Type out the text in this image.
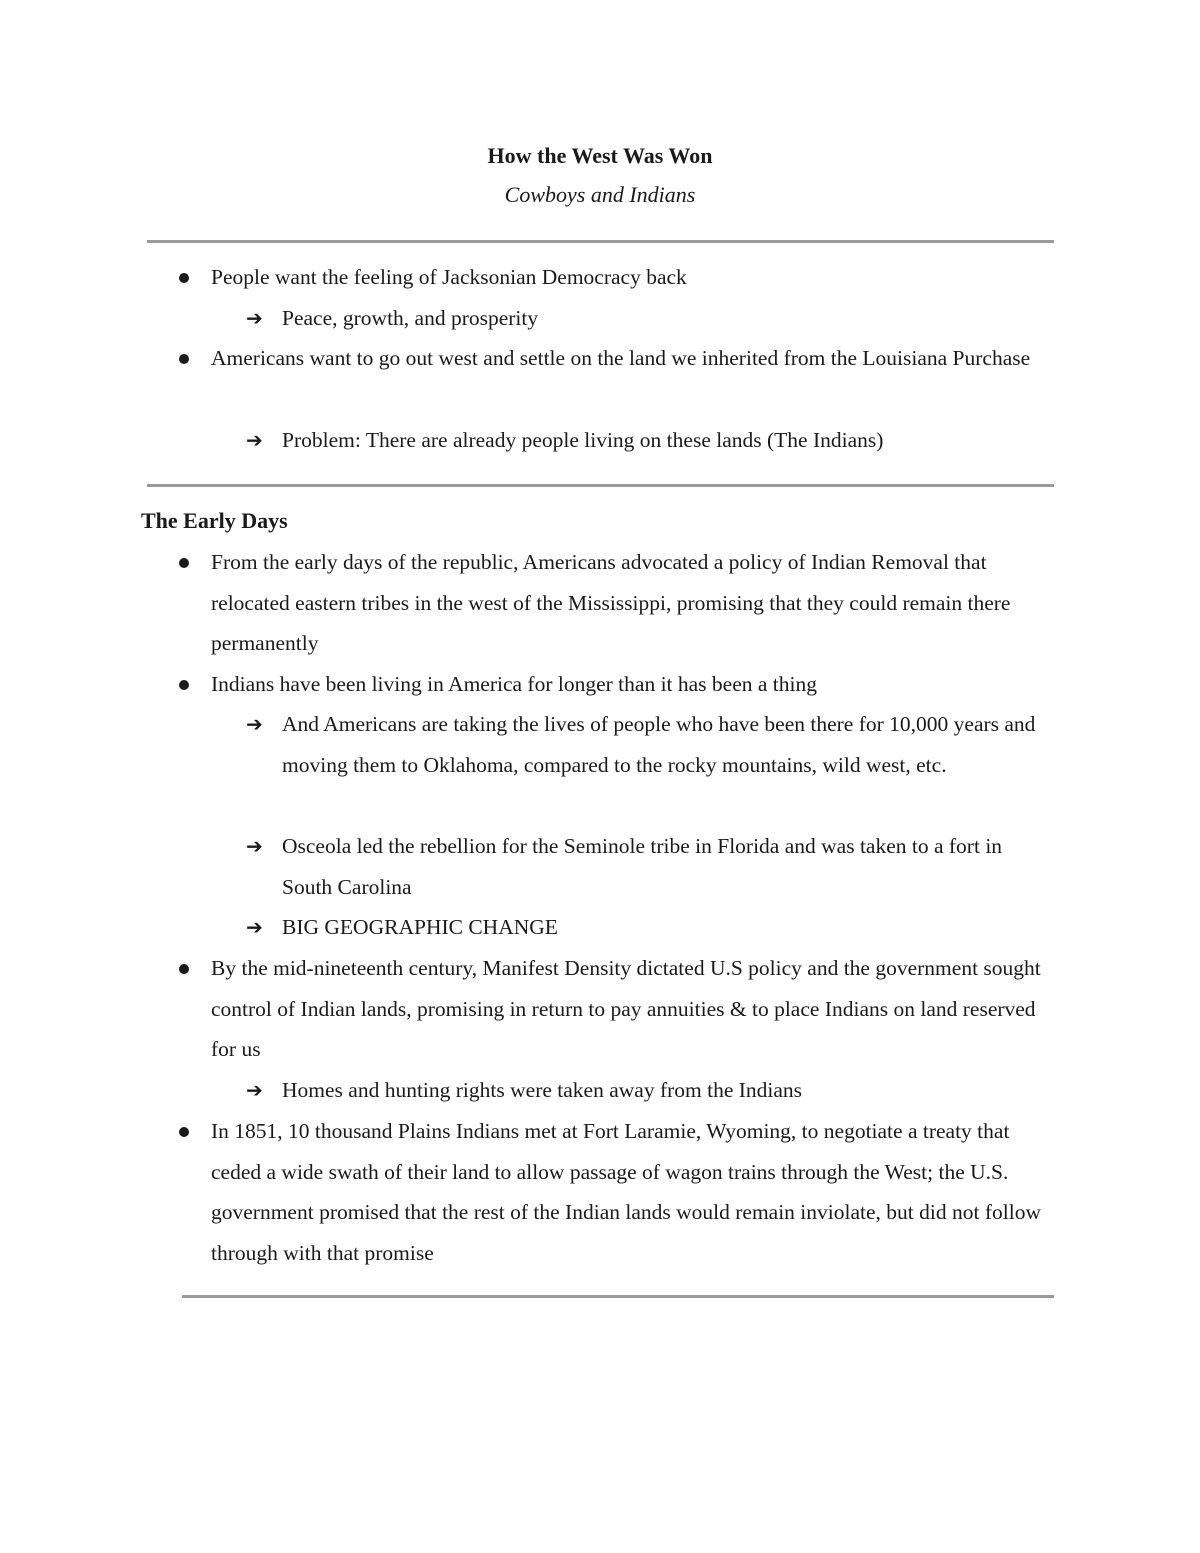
How the West Was Won
Cowboys and Indians
People want the feeling of Jacksonian Democracy back
➔ Peace, growth, and prosperity
Americans want to go out west and settle on the land we inherited from the Louisiana Purchase
➔ Problem: There are already people living on these lands (The Indians)
The Early Days
From the early days of the republic, Americans advocated a policy of Indian Removal that relocated eastern tribes in the west of the Mississippi, promising that they could remain there permanently
Indians have been living in America for longer than it has been a thing
➔ And Americans are taking the lives of people who have been there for 10,000 years and moving them to Oklahoma, compared to the rocky mountains, wild west, etc.
➔ Osceola led the rebellion for the Seminole tribe in Florida and was taken to a fort in South Carolina
➔ BIG GEOGRAPHIC CHANGE
By the mid-nineteenth century, Manifest Density dictated U.S policy and the government sought control of Indian lands, promising in return to pay annuities & to place Indians on land reserved for us
➔ Homes and hunting rights were taken away from the Indians
In 1851, 10 thousand Plains Indians met at Fort Laramie, Wyoming, to negotiate a treaty that ceded a wide swath of their land to allow passage of wagon trains through the West; the U.S. government promised that the rest of the Indian lands would remain inviolate, but did not follow through with that promise
